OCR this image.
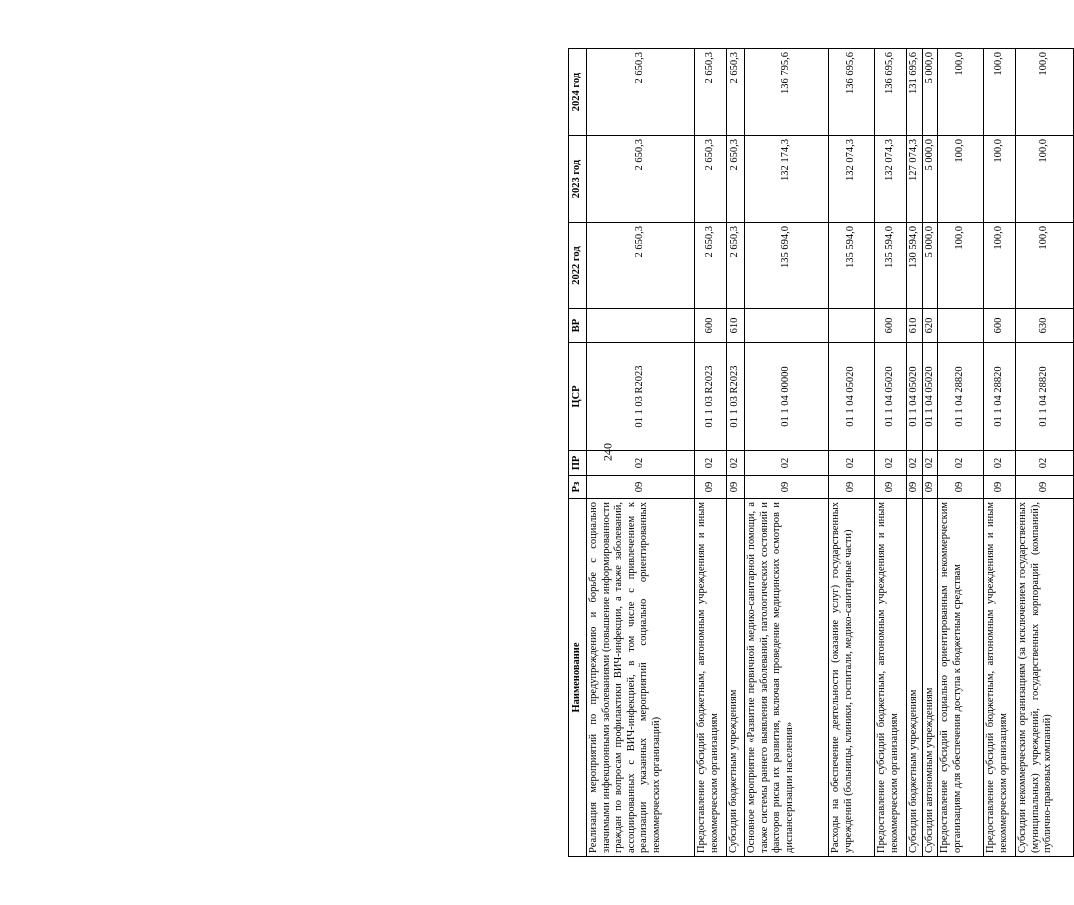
240
Наименование	Рз	ПР	ЦСР	ВР	2022 год	2023 год	2024 год
Реализация мероприятий по предупреждению и борьбе с социально значимыми инфекционными заболеваниями (повышение информированности граждан по вопросам профилактики ВИЧ-инфекции, а также заболеваний, ассоциированных с ВИЧ-инфекцией, в том числе с привлечением к реализации указанных мероприятий социально ориентированных некоммерческих организаций)	09	02	01 1 03 R2023		2 650,3	2 650,3	2 650,3
Предоставление субсидий бюджетным, автономным учреждениям и иным некоммерческим организациям	09	02	01 1 03 R2023	600	2 650,3	2 650,3	2 650,3
Субсидии бюджетным учреждениям	09	02	01 1 03 R2023	610	2 650,3	2 650,3	2 650,3
Основное мероприятие «Развитие первичной медико-санитарной помощи, а также системы раннего выявления заболеваний, патологических состояний и факторов риска их развития, включая проведение медицинских осмотров и диспансеризации населения»	09	02	01 1 04 00000		135 694,0	132 174,3	136 795,6
Расходы на обеспечение деятельности (оказание услуг) государственных учреждений (больницы, клиники, госпитали, медико-санитарные части)	09	02	01 1 04 05020		135 594,0	132 074,3	136 695,6
Предоставление субсидий бюджетным, автономным учреждениям и иным некоммерческим организациям	09	02	01 1 04 05020	600	135 594,0	132 074,3	136 695,6
Субсидии бюджетным учреждениям	09	02	01 1 04 05020	610	130 594,0	127 074,3	131 695,6
Субсидии автономным учреждениям	09	02	01 1 04 05020	620	5 000,0	5 000,0	5 000,0
Предоставление субсидий социально ориентированным некоммерческим организациям для обеспечения доступа к бюджетным средствам	09	02	01 1 04 28820		100,0	100,0	100,0
Предоставление субсидий бюджетным, автономным учреждениям и иным некоммерческим организациям	09	02	01 1 04 28820	600	100,0	100,0	100,0
Субсидии некоммерческим организациям (за исключением государственных (муниципальных) учреждений, государственных корпораций (компаний), публично-правовых компаний)	09	02	01 1 04 28820	630	100,0	100,0	100,0
